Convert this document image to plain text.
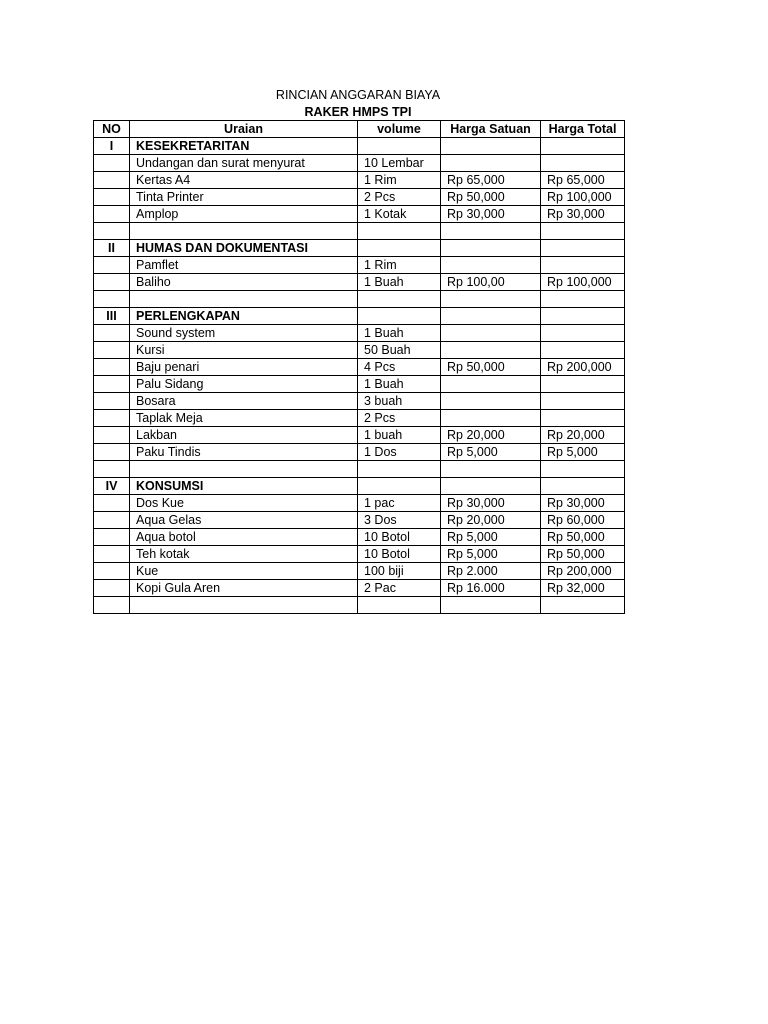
RINCIAN ANGGARAN BIAYA
RAKER HMPS TPI
NO	Uraian	volume	Harga Satuan	Harga Total
I	KESEKRETARITAN			
	Undangan dan surat menyurat	10 Lembar		
	Kertas A4	1 Rim	Rp 65,000	Rp 65,000
	Tinta Printer	2 Pcs	Rp 50,000	Rp 100,000
	Amplop	1 Kotak	Rp 30,000	Rp 30,000

II	HUMAS DAN DOKUMENTASI			
	Pamflet	1 Rim		
	Baliho	1 Buah	Rp 100,00	Rp 100,000

III	PERLENGKAPAN			
	Sound system	1 Buah		
	Kursi	50 Buah		
	Baju penari	4 Pcs	Rp 50,000	Rp 200,000
	Palu Sidang	1 Buah		
	Bosara	3 buah		
	Taplak Meja	2 Pcs		
	Lakban	1 buah	Rp 20,000	Rp 20,000
	Paku Tindis	1 Dos	Rp 5,000	Rp 5,000

IV	KONSUMSI			
	Dos Kue	1 pac	Rp 30,000	Rp 30,000
	Aqua Gelas	3 Dos	Rp 20,000	Rp 60,000
	Aqua botol	10 Botol	Rp 5,000	Rp 50,000
	Teh kotak	10 Botol	Rp 5,000	Rp 50,000
	Kue	100 biji	Rp 2.000	Rp 200,000
	Kopi Gula Aren	2 Pac	Rp 16.000	Rp 32,000
